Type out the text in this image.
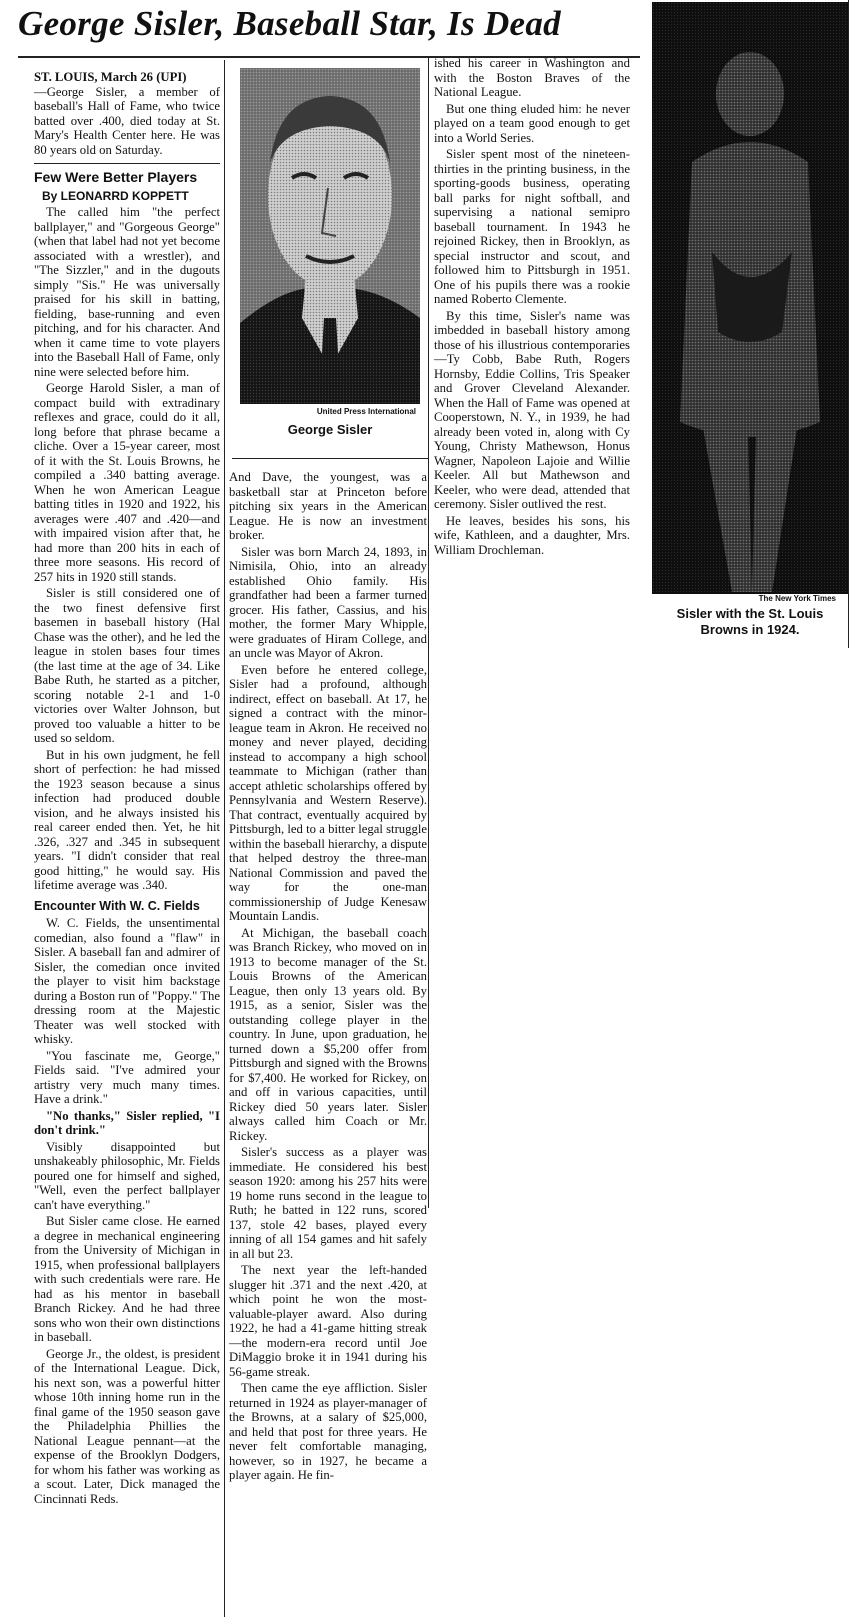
George Sisler, Baseball Star, Is Dead

ST. LOUIS, March 26 (UPI)
—George Sisler, a member of baseball's Hall of Fame, who twice batted over .400, died today at St. Mary's Health Center here. He was 80 years old on Saturday.

Few Were Better Players
By LEONARRD KOPPETT

The called him "the perfect ballplayer," and "Gorgeous George" (when that label had not yet become associated with a wrestler), and "The Sizzler," and in the dugouts simply "Sis." He was universally praised for his skill in batting, fielding, base-running and even pitching, and for his character. And when it came time to vote players into the Baseball Hall of Fame, only nine were selected before him.

George Harold Sisler, a man of compact build with extradinary reflexes and grace, could do it all, long before that phrase became a cliche. Over a 15-year career, most of it with the St. Louis Browns, he compiled a .340 batting average. When he won American League batting titles in 1920 and 1922, his averages were .407 and .420—and with impaired vision after that, he had more than 200 hits in each of three more seasons. His record of 257 hits in 1920 still stands.

Sisler is still considered one of the two finest defensive first basemen in baseball history (Hal Chase was the other), and he led the league in stolen bases four times (the last time at the age of 34. Like Babe Ruth, he started as a pitcher, scoring notable 2-1 and 1-0 victories over Walter Johnson, but proved too valuable a hitter to be used so seldom.

But in his own judgment, he fell short of perfection: he had missed the 1923 season because a sinus infection had produced double vision, and he always insisted his real career ended then. Yet, he hit .326, .327 and .345 in subsequent years. "I didn't consider that real good hitting," he would say. His lifetime average was .340.

Encounter With W. C. Fields

W. C. Fields, the unsentimental comedian, also found a "flaw" in Sisler. A baseball fan and admirer of Sisler, the comedian once invited the player to visit him backstage during a Boston run of "Poppy." The dressing room at the Majestic Theater was well stocked with whisky.

"You fascinate me, George," Fields said. "I've admired your artistry very much many times. Have a drink."

"No thanks," Sisler replied, "I don't drink."

Visibly disappointed but unshakeably philosophic, Mr. Fields poured one for himself and sighed, "Well, even the perfect ballplayer can't have everything."

But Sisler came close. He earned a degree in mechanical engineering from the University of Michigan in 1915, when professional ballplayers with such credentials were rare. He had as his mentor in baseball Branch Rickey. And he had three sons who won their own distinctions in baseball.

George Jr., the oldest, is president of the International League. Dick, his next son, was a powerful hitter whose 10th inning home run in the final game of the 1950 season gave the Philadelphia Phillies the National League pennant—at the expense of the Brooklyn Dodgers, for whom his father was working as a scout. Later, Dick managed the Cincinnati Reds.

United Press International
George Sisler

And Dave, the youngest, was a basketball star at Princeton before pitching six years in the American League. He is now an investment broker.

Sisler was born March 24, 1893, in Nimisila, Ohio, into an already established Ohio family. His grandfather had been a farmer turned grocer. His father, Cassius, and his mother, the former Mary Whipple, were graduates of Hiram College, and an uncle was Mayor of Akron.

Even before he entered college, Sisler had a profound, although indirect, effect on baseball. At 17, he signed a contract with the minor-league team in Akron. He received no money and never played, deciding instead to accompany a high school teammate to Michigan (rather than accept athletic scholarships offered by Pennsylvania and Western Reserve). That contract, eventually acquired by Pittsburgh, led to a bitter legal struggle within the baseball hierarchy, a dispute that helped destroy the three-man National Commission and paved the way for the one-man commissionership of Judge Kenesaw Mountain Landis.

At Michigan, the baseball coach was Branch Rickey, who moved on in 1913 to become manager of the St. Louis Browns of the American League, then only 13 years old. By 1915, as a senior, Sisler was the outstanding college player in the country. In June, upon graduation, he turned down a $5,200 offer from Pittsburgh and signed with the Browns for $7,400. He worked for Rickey, on and off in various capacities, until Rickey died 50 years later. Sisler always called him Coach or Mr. Rickey.

Sisler's success as a player was immediate. He considered his best season 1920: among his 257 hits were 19 home runs second in the league to Ruth; he batted in 122 runs, scored 137, stole 42 bases, played every inning of all 154 games and hit safely in all but 23.

The next year the left-handed slugger hit .371 and the next .420, at which point he won the most-valuable-player award. Also during 1922, he had a 41-game hitting streak—the modern-era record until Joe DiMaggio broke it in 1941 during his 56-game streak.

Then came the eye affliction. Sisler returned in 1924 as player-manager of the Browns, at a salary of $25,000, and held that post for three years. He never felt comfortable managing, however, so in 1927, he became a player again. He fin-

ished his career in Washington and with the Boston Braves of the National League.

But one thing eluded him: he never played on a team good enough to get into a World Series.

Sisler spent most of the nineteen-thirties in the printing business, in the sporting-goods business, operating ball parks for night softball, and supervising a national semipro baseball tournament. In 1943 he rejoined Rickey, then in Brooklyn, as special instructor and scout, and followed him to Pittsburgh in 1951. One of his pupils there was a rookie named Roberto Clemente.

By this time, Sisler's name was imbedded in baseball history among those of his illustrious contemporaries—Ty Cobb, Babe Ruth, Rogers Hornsby, Eddie Collins, Tris Speaker and Grover Cleveland Alexander. When the Hall of Fame was opened at Cooperstown, N. Y., in 1939, he had already been voted in, along with Cy Young, Christy Mathewson, Honus Wagner, Napoleon Lajoie and Willie Keeler. All but Mathewson and Keeler, who were dead, attended that ceremony. Sisler outlived the rest.

He leaves, besides his sons, his wife, Kathleen, and a daughter, Mrs. William Drochleman.

The New York Times
Sisler with the St. Louis Browns in 1924.
